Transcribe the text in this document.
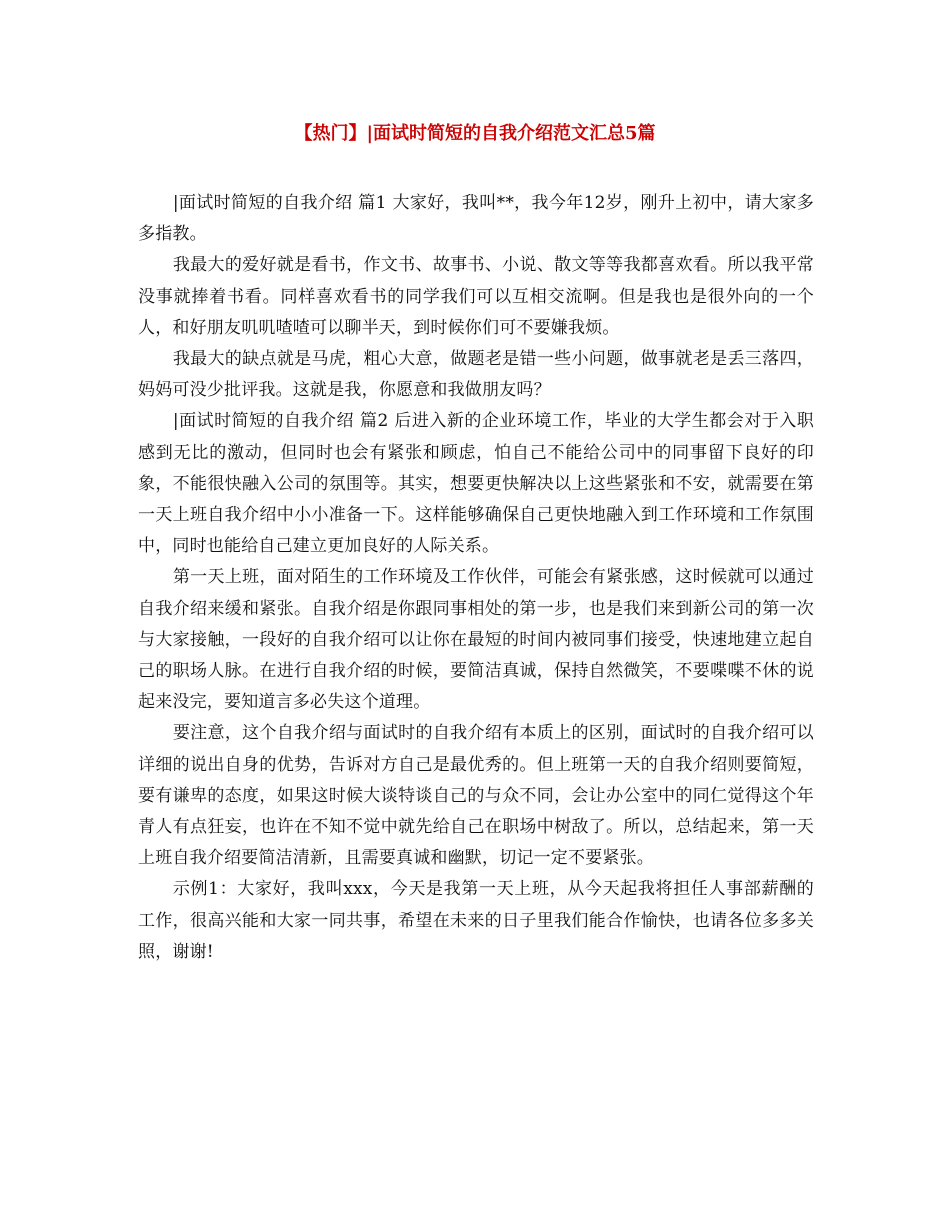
【热门】|面试时简短的自我介绍范文汇总5篇

|面试时简短的自我介绍 篇1 大家好，我叫**，我今年12岁，刚升上初中，请大家多多指教。

我最大的爱好就是看书，作文书、故事书、小说、散文等等我都喜欢看。所以我平常没事就捧着书看。同样喜欢看书的同学我们可以互相交流啊。但是我也是很外向的一个人，和好朋友叽叽喳喳可以聊半天，到时候你们可不要嫌我烦。

我最大的缺点就是马虎，粗心大意，做题老是错一些小问题，做事就老是丢三落四，妈妈可没少批评我。这就是我，你愿意和我做朋友吗？

|面试时简短的自我介绍 篇2 后进入新的企业环境工作，毕业的大学生都会对于入职感到无比的激动，但同时也会有紧张和顾虑，怕自己不能给公司中的同事留下良好的印象，不能很快融入公司的氛围等。其实，想要更快解决以上这些紧张和不安，就需要在第一天上班自我介绍中小小准备一下。这样能够确保自己更快地融入到工作环境和工作氛围中，同时也能给自己建立更加良好的人际关系。

第一天上班，面对陌生的工作环境及工作伙伴，可能会有紧张感，这时候就可以通过自我介绍来缓和紧张。自我介绍是你跟同事相处的第一步，也是我们来到新公司的第一次与大家接触，一段好的自我介绍可以让你在最短的时间内被同事们接受，快速地建立起自己的职场人脉。在进行自我介绍的时候，要简洁真诚，保持自然微笑，不要喋喋不休的说起来没完，要知道言多必失这个道理。

要注意，这个自我介绍与面试时的自我介绍有本质上的区别，面试时的自我介绍可以详细的说出自身的优势，告诉对方自己是最优秀的。但上班第一天的自我介绍则要简短，要有谦卑的态度，如果这时候大谈特谈自己的与众不同，会让办公室中的同仁觉得这个年青人有点狂妄，也许在不知不觉中就先给自己在职场中树敌了。所以，总结起来，第一天上班自我介绍要简洁清新，且需要真诚和幽默，切记一定不要紧张。

示例1：大家好，我叫xxx，今天是我第一天上班，从今天起我将担任人事部薪酬的工作，很高兴能和大家一同共事，希望在未来的日子里我们能合作愉快，也请各位多多关照，谢谢!
